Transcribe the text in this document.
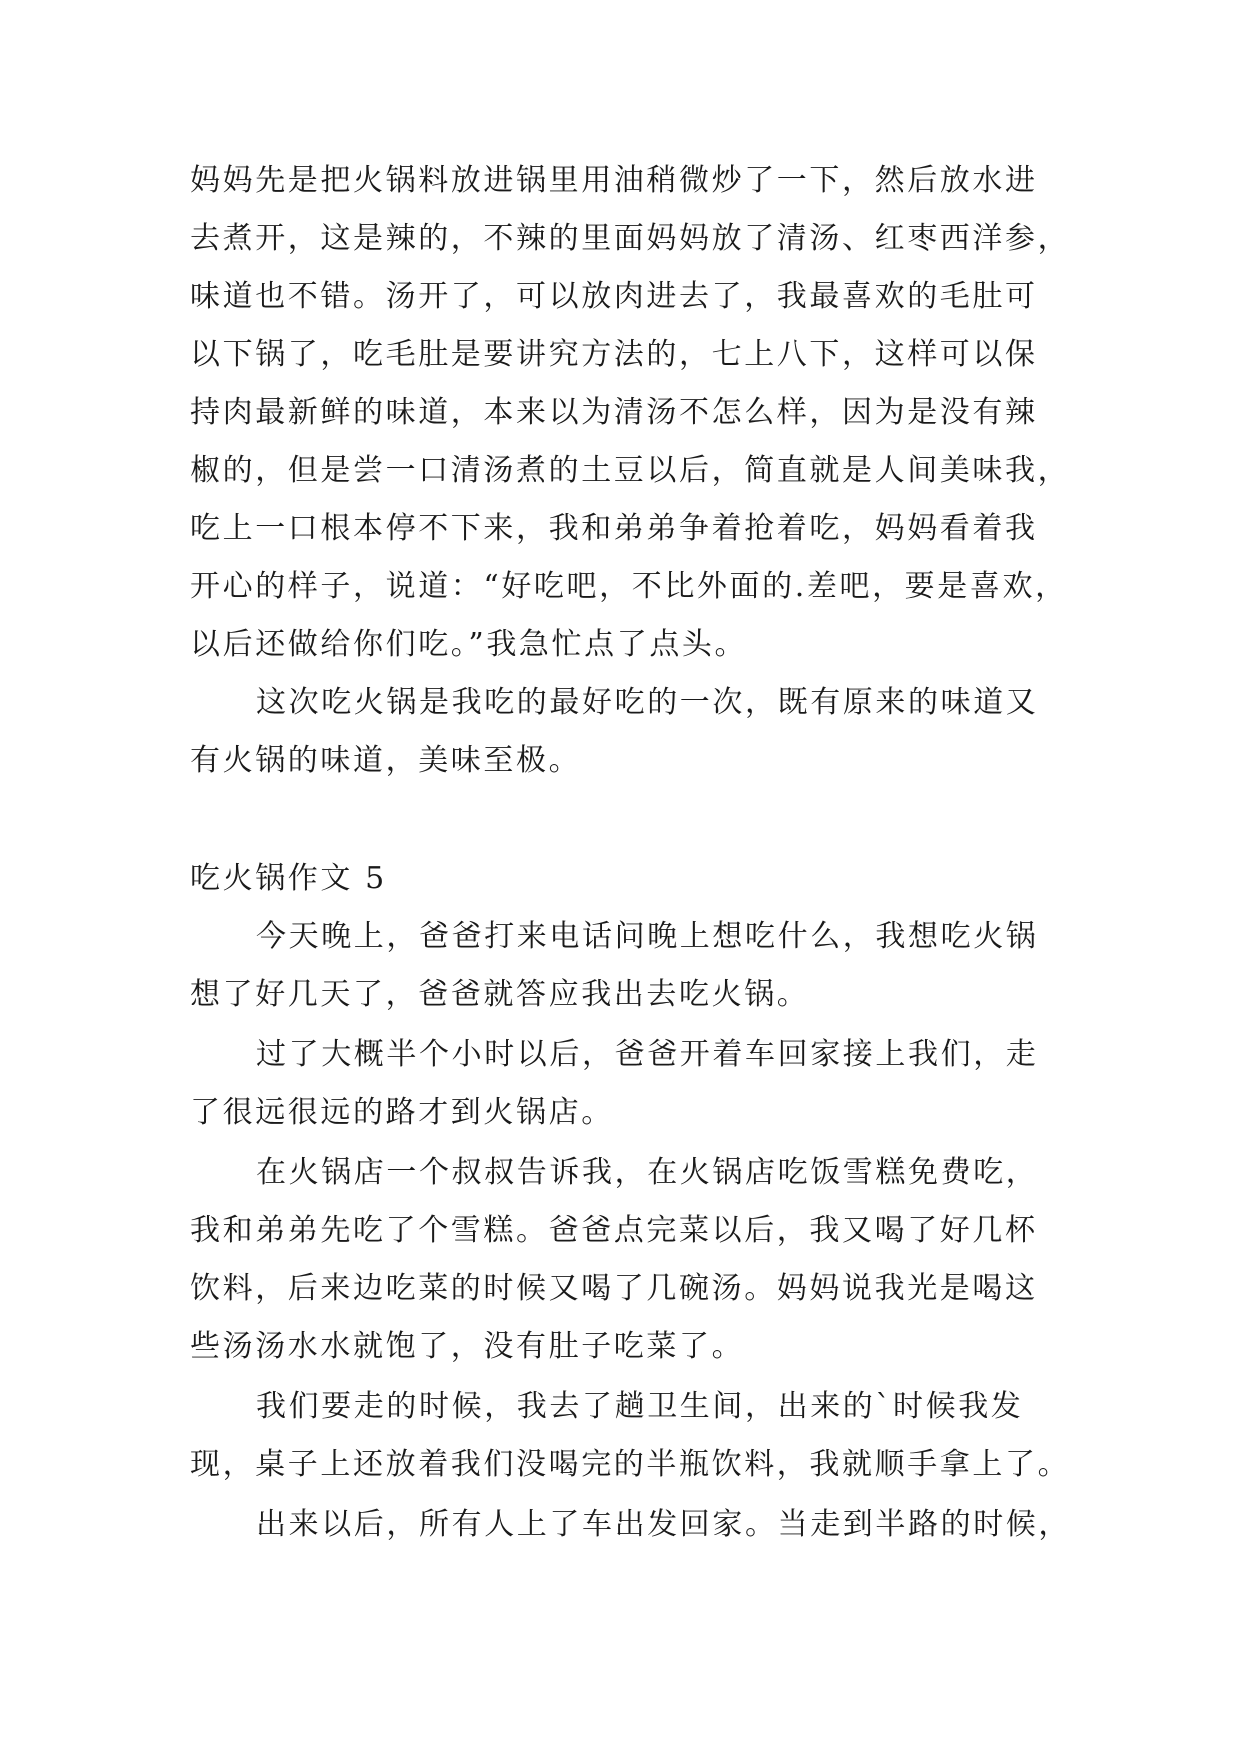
妈妈先是把火锅料放进锅里用油稍微炒了一下，然后放水进
去煮开，这是辣的，不辣的里面妈妈放了清汤、红枣西洋参，
味道也不错。汤开了，可以放肉进去了，我最喜欢的毛肚可
以下锅了，吃毛肚是要讲究方法的，七上八下，这样可以保
持肉最新鲜的味道，本来以为清汤不怎么样，因为是没有辣
椒的，但是尝一口清汤煮的土豆以后，简直就是人间美味我，
吃上一口根本停不下来，我和弟弟争着抢着吃，妈妈看着我
开心的样子，说道：“好吃吧，不比外面的.差吧，要是喜欢，
以后还做给你们吃。”我急忙点了点头。
这次吃火锅是我吃的最好吃的一次，既有原来的味道又
有火锅的味道，美味至极。
吃火锅作文 5
今天晚上，爸爸打来电话问晚上想吃什么，我想吃火锅
想了好几天了，爸爸就答应我出去吃火锅。
过了大概半个小时以后，爸爸开着车回家接上我们，走
了很远很远的路才到火锅店。
在火锅店一个叔叔告诉我，在火锅店吃饭雪糕免费吃，
我和弟弟先吃了个雪糕。爸爸点完菜以后，我又喝了好几杯
饮料，后来边吃菜的时候又喝了几碗汤。妈妈说我光是喝这
些汤汤水水就饱了，没有肚子吃菜了。
我们要走的时候，我去了趟卫生间，出来的`时候我发
现，桌子上还放着我们没喝完的半瓶饮料，我就顺手拿上了。
出来以后，所有人上了车出发回家。当走到半路的时候，
